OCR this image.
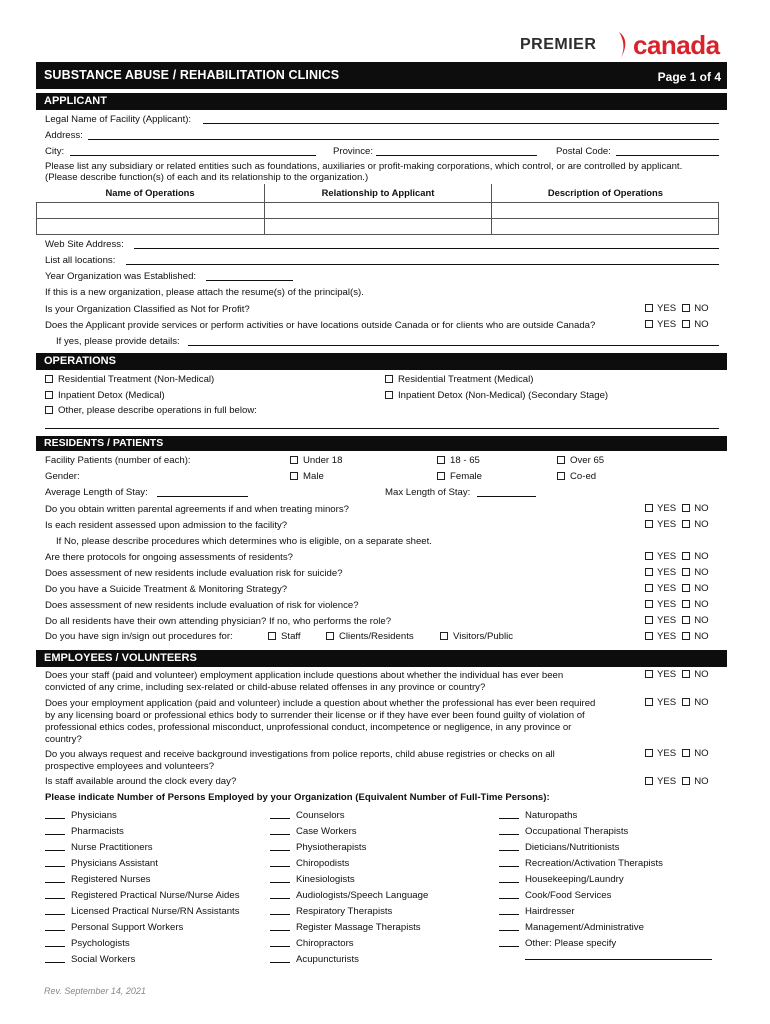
PREMIER canada
SUBSTANCE ABUSE / REHABILITATION CLINICS	Page 1 of 4
APPLICANT
Legal Name of Facility (Applicant):
Address:
City:	Province:	Postal Code:
Please list any subsidiary or related entities such as foundations, auxiliaries or profit-making corporations, which control, or are controlled by applicant.
(Please describe function(s) of each and its relationship to the organization.)
Name of Operations	Relationship to Applicant	Description of Operations

Web Site Address:
List all locations:
Year Organization was Established:
If this is a new organization, please attach the resume(s) of the principal(s).
Is your Organization Classified as Not for Profit?	YES NO
Does the Applicant provide services or perform activities or have locations outside Canada or for clients who are outside Canada?	YES NO
If yes, please provide details:
OPERATIONS
Residential Treatment (Non-Medical)	Residential Treatment (Medical)
Inpatient Detox (Medical)	Inpatient Detox (Non-Medical) (Secondary Stage)
Other, please describe operations in full below:
RESIDENTS / PATIENTS
Facility Patients (number of each):	Under 18	18 - 65	Over 65
Gender:	Male	Female	Co-ed
Average Length of Stay:	Max Length of Stay:
Do you obtain written parental agreements if and when treating minors?	YES NO
Is each resident assessed upon admission to the facility?	YES NO
If No, please describe procedures which determines who is eligible, on a separate sheet.
Are there protocols for ongoing assessments of residents?	YES NO
Does assessment of new residents include evaluation risk for suicide?	YES NO
Do you have a Suicide Treatment & Monitoring Strategy?	YES NO
Does assessment of new residents include evaluation of risk for violence?	YES NO
Do all residents have their own attending physician? If no, who performs the role?	YES NO
Do you have sign in/sign out procedures for:	Staff	Clients/Residents	Visitors/Public	YES NO
EMPLOYEES / VOLUNTEERS
Does your staff (paid and volunteer) employment application include questions about whether the individual has ever been
convicted of any crime, including sex-related or child-abuse related offenses in any province or country?
YES NO
Does your employment application (paid and volunteer) include a question about whether the professional has ever been required
by any licensing board or professional ethics body to surrender their license or if they have ever been found guilty of violation of
professional ethics codes, professional misconduct, unprofessional conduct, incompetence or negligence, in any province or
country?
YES NO
Do you always request and receive background investigations from police reports, child abuse registries or checks on all
prospective employees and volunteers?
YES NO
Is staff available around the clock every day?	YES NO
Please indicate Number of Persons Employed by your Organization (Equivalent Number of Full-Time Persons):
Physicians
Pharmacists
Nurse Practitioners
Physicians Assistant
Registered Nurses
Registered Practical Nurse/Nurse Aides
Licensed Practical Nurse/RN Assistants
Personal Support Workers
Psychologists
Social Workers
Counselors
Case Workers
Physiotherapists
Chiropodists
Kinesiologists
Audiologists/Speech Language
Respiratory Therapists
Register Massage Therapists
Chiropractors
Acupuncturists
Naturopaths
Occupational Therapists
Dieticians/Nutritionists
Recreation/Activation Therapists
Housekeeping/Laundry
Cook/Food Services
Hairdresser
Management/Administrative
Other: Please specify
Rev. September 14, 2021
